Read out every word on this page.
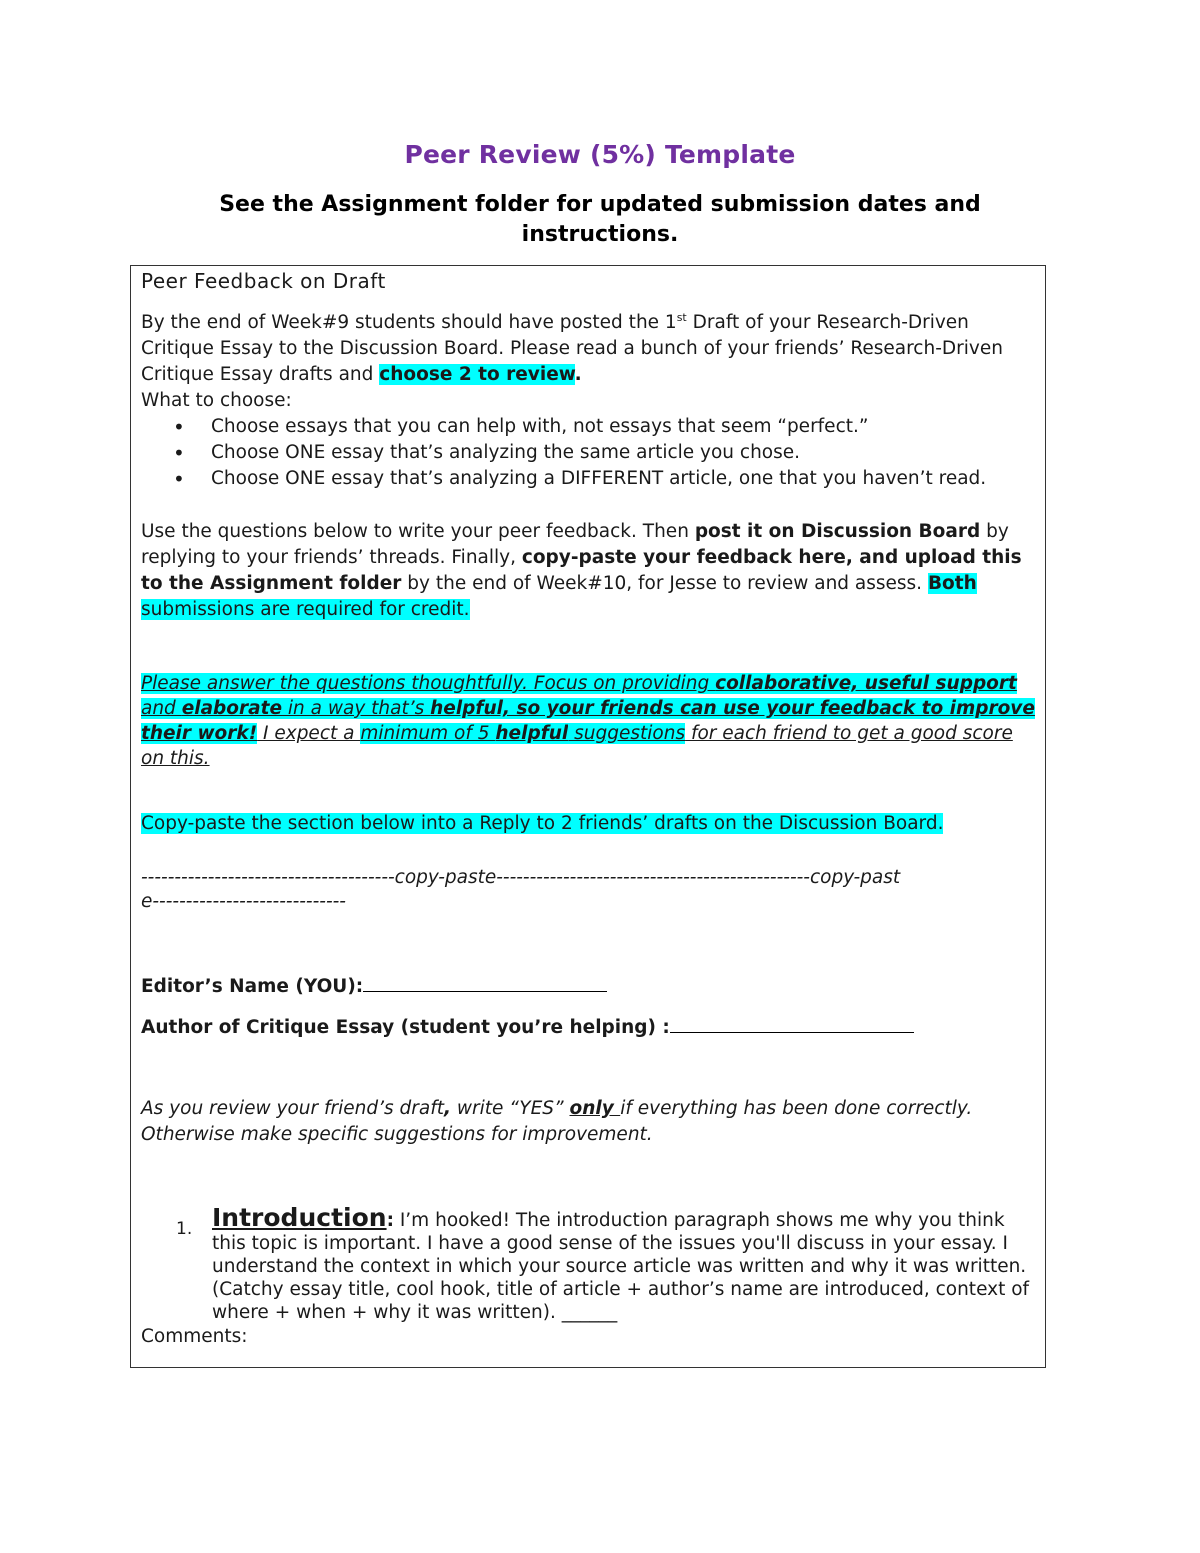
Peer Review (5%) Template
See the Assignment folder for updated submission dates and instructions.
Peer Feedback on Draft
By the end of Week#9 students should have posted the 1st Draft of your Research-Driven Critique Essay to the Discussion Board. Please read a bunch of your friends’ Research-Driven Critique Essay drafts and choose 2 to review.
What to choose:
• Choose essays that you can help with, not essays that seem “perfect.”
• Choose ONE essay that’s analyzing the same article you chose.
• Choose ONE essay that’s analyzing a DIFFERENT article, one that you haven’t read.
Use the questions below to write your peer feedback. Then post it on Discussion Board by replying to your friends’ threads. Finally, copy-paste your feedback here, and upload this to the Assignment folder by the end of Week#10, for Jesse to review and assess. Both submissions are required for credit.
Please answer the questions thoughtfully. Focus on providing collaborative, useful support and elaborate in a way that’s helpful, so your friends can use your feedback to improve their work! I expect a minimum of 5 helpful suggestions for each friend to get a good score on this.
Copy-paste the section below into a Reply to 2 friends’ drafts on the Discussion Board.
--------------------------------------copy-paste-----------------------------------------------copy-paste-----------------------------
Editor’s Name (YOU):
Author of Critique Essay (student you’re helping) :
As you review your friend’s draft, write “YES” only if everything has been done correctly. Otherwise make specific suggestions for improvement.
1. Introduction: I’m hooked! The introduction paragraph shows me why you think this topic is important. I have a good sense of the issues you'll discuss in your essay. I understand the context in which your source article was written and why it was written. (Catchy essay title, cool hook, title of article + author’s name are introduced, context of where + when + why it was written). ______
Comments:
